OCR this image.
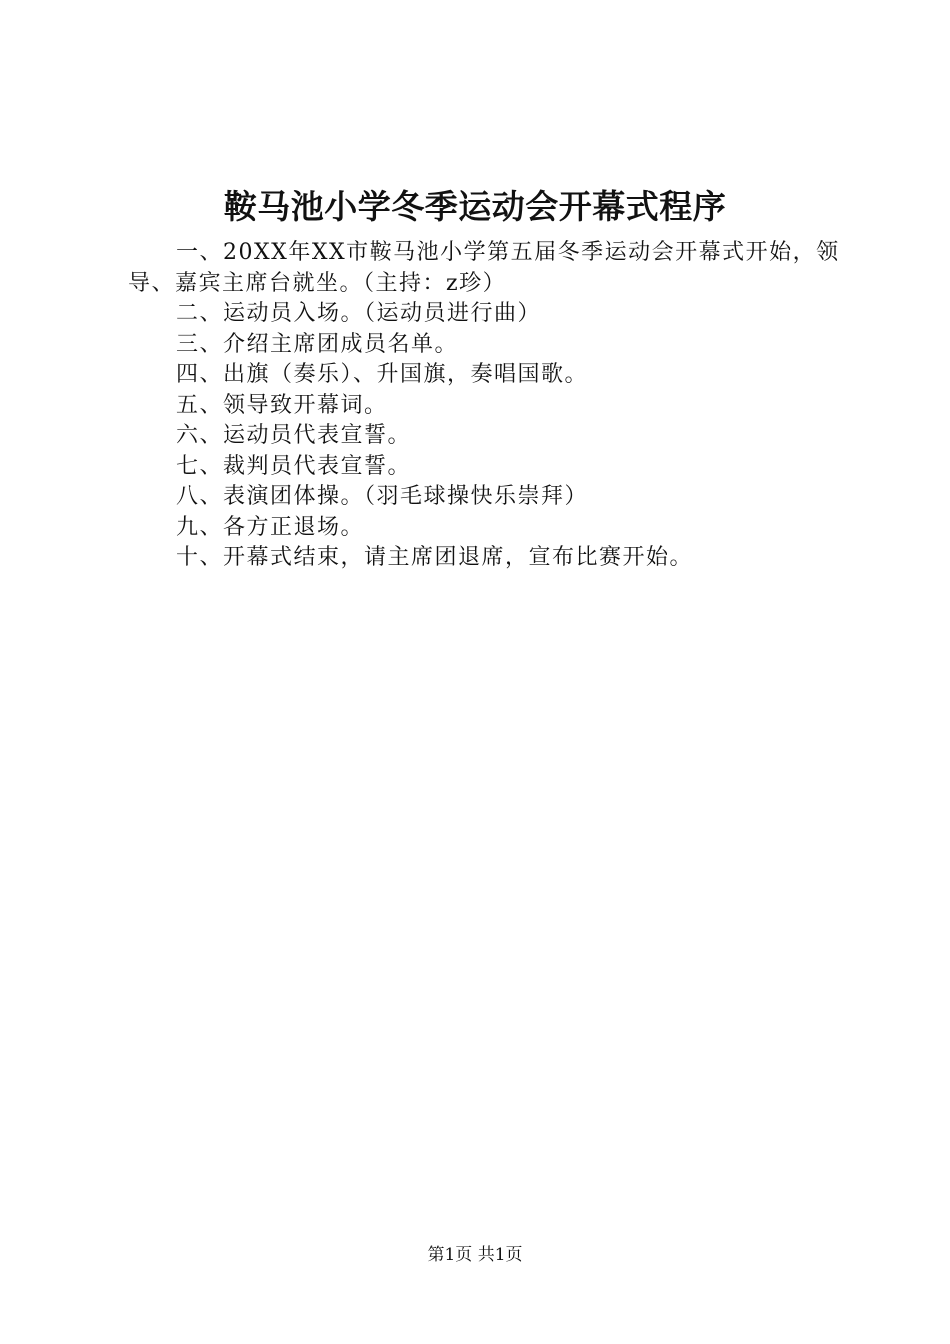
鞍马池小学冬季运动会开幕式程序

一、20XX年XX市鞍马池小学第五届冬季运动会开幕式开始，领导、嘉宾主席台就坐。（主持：z珍）

二、运动员入场。（运动员进行曲）

三、介绍主席团成员名单。

四、出旗（奏乐）、升国旗，奏唱国歌。

五、领导致开幕词。

六、运动员代表宣誓。

七、裁判员代表宣誓。

八、表演团体操。（羽毛球操快乐崇拜）

九、各方正退场。

十、开幕式结束，请主席团退席，宣布比赛开始。

第1页 共1页
